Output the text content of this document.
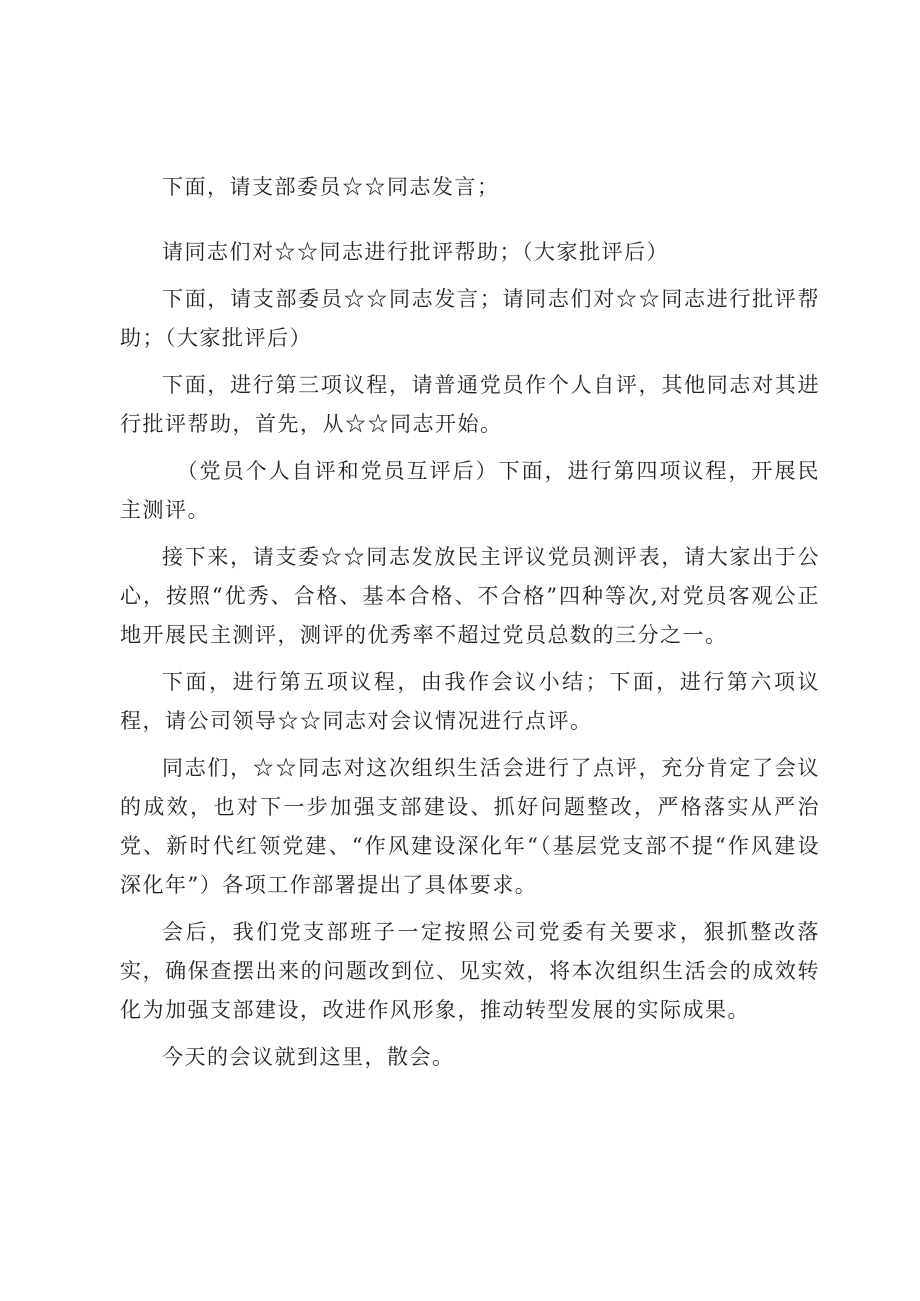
下面，请支部委员☆☆同志发言；

请同志们对☆☆同志进行批评帮助；（大家批评后）

下面，请支部委员☆☆同志发言；请同志们对☆☆同志进行批评帮助；（大家批评后）

下面，进行第三项议程，请普通党员作个人自评，其他同志对其进行批评帮助，首先，从☆☆同志开始。

（党员个人自评和党员互评后）下面，进行第四项议程，开展民主测评。

接下来，请支委☆☆同志发放民主评议党员测评表，请大家出于公心，按照“优秀、合格、基本合格、不合格”四种等次,对党员客观公正地开展民主测评，测评的优秀率不超过党员总数的三分之一。

下面，进行第五项议程，由我作会议小结；下面，进行第六项议程，请公司领导☆☆同志对会议情况进行点评。

同志们，☆☆同志对这次组织生活会进行了点评，充分肯定了会议的成效，也对下一步加强支部建设、抓好问题整改，严格落实从严治党、新时代红领党建、“作风建设深化年“（基层党支部不提“作风建设深化年”）各项工作部署提出了具体要求。

会后，我们党支部班子一定按照公司党委有关要求，狠抓整改落实，确保查摆出来的问题改到位、见实效，将本次组织生活会的成效转化为加强支部建设，改进作风形象，推动转型发展的实际成果。

今天的会议就到这里，散会。
